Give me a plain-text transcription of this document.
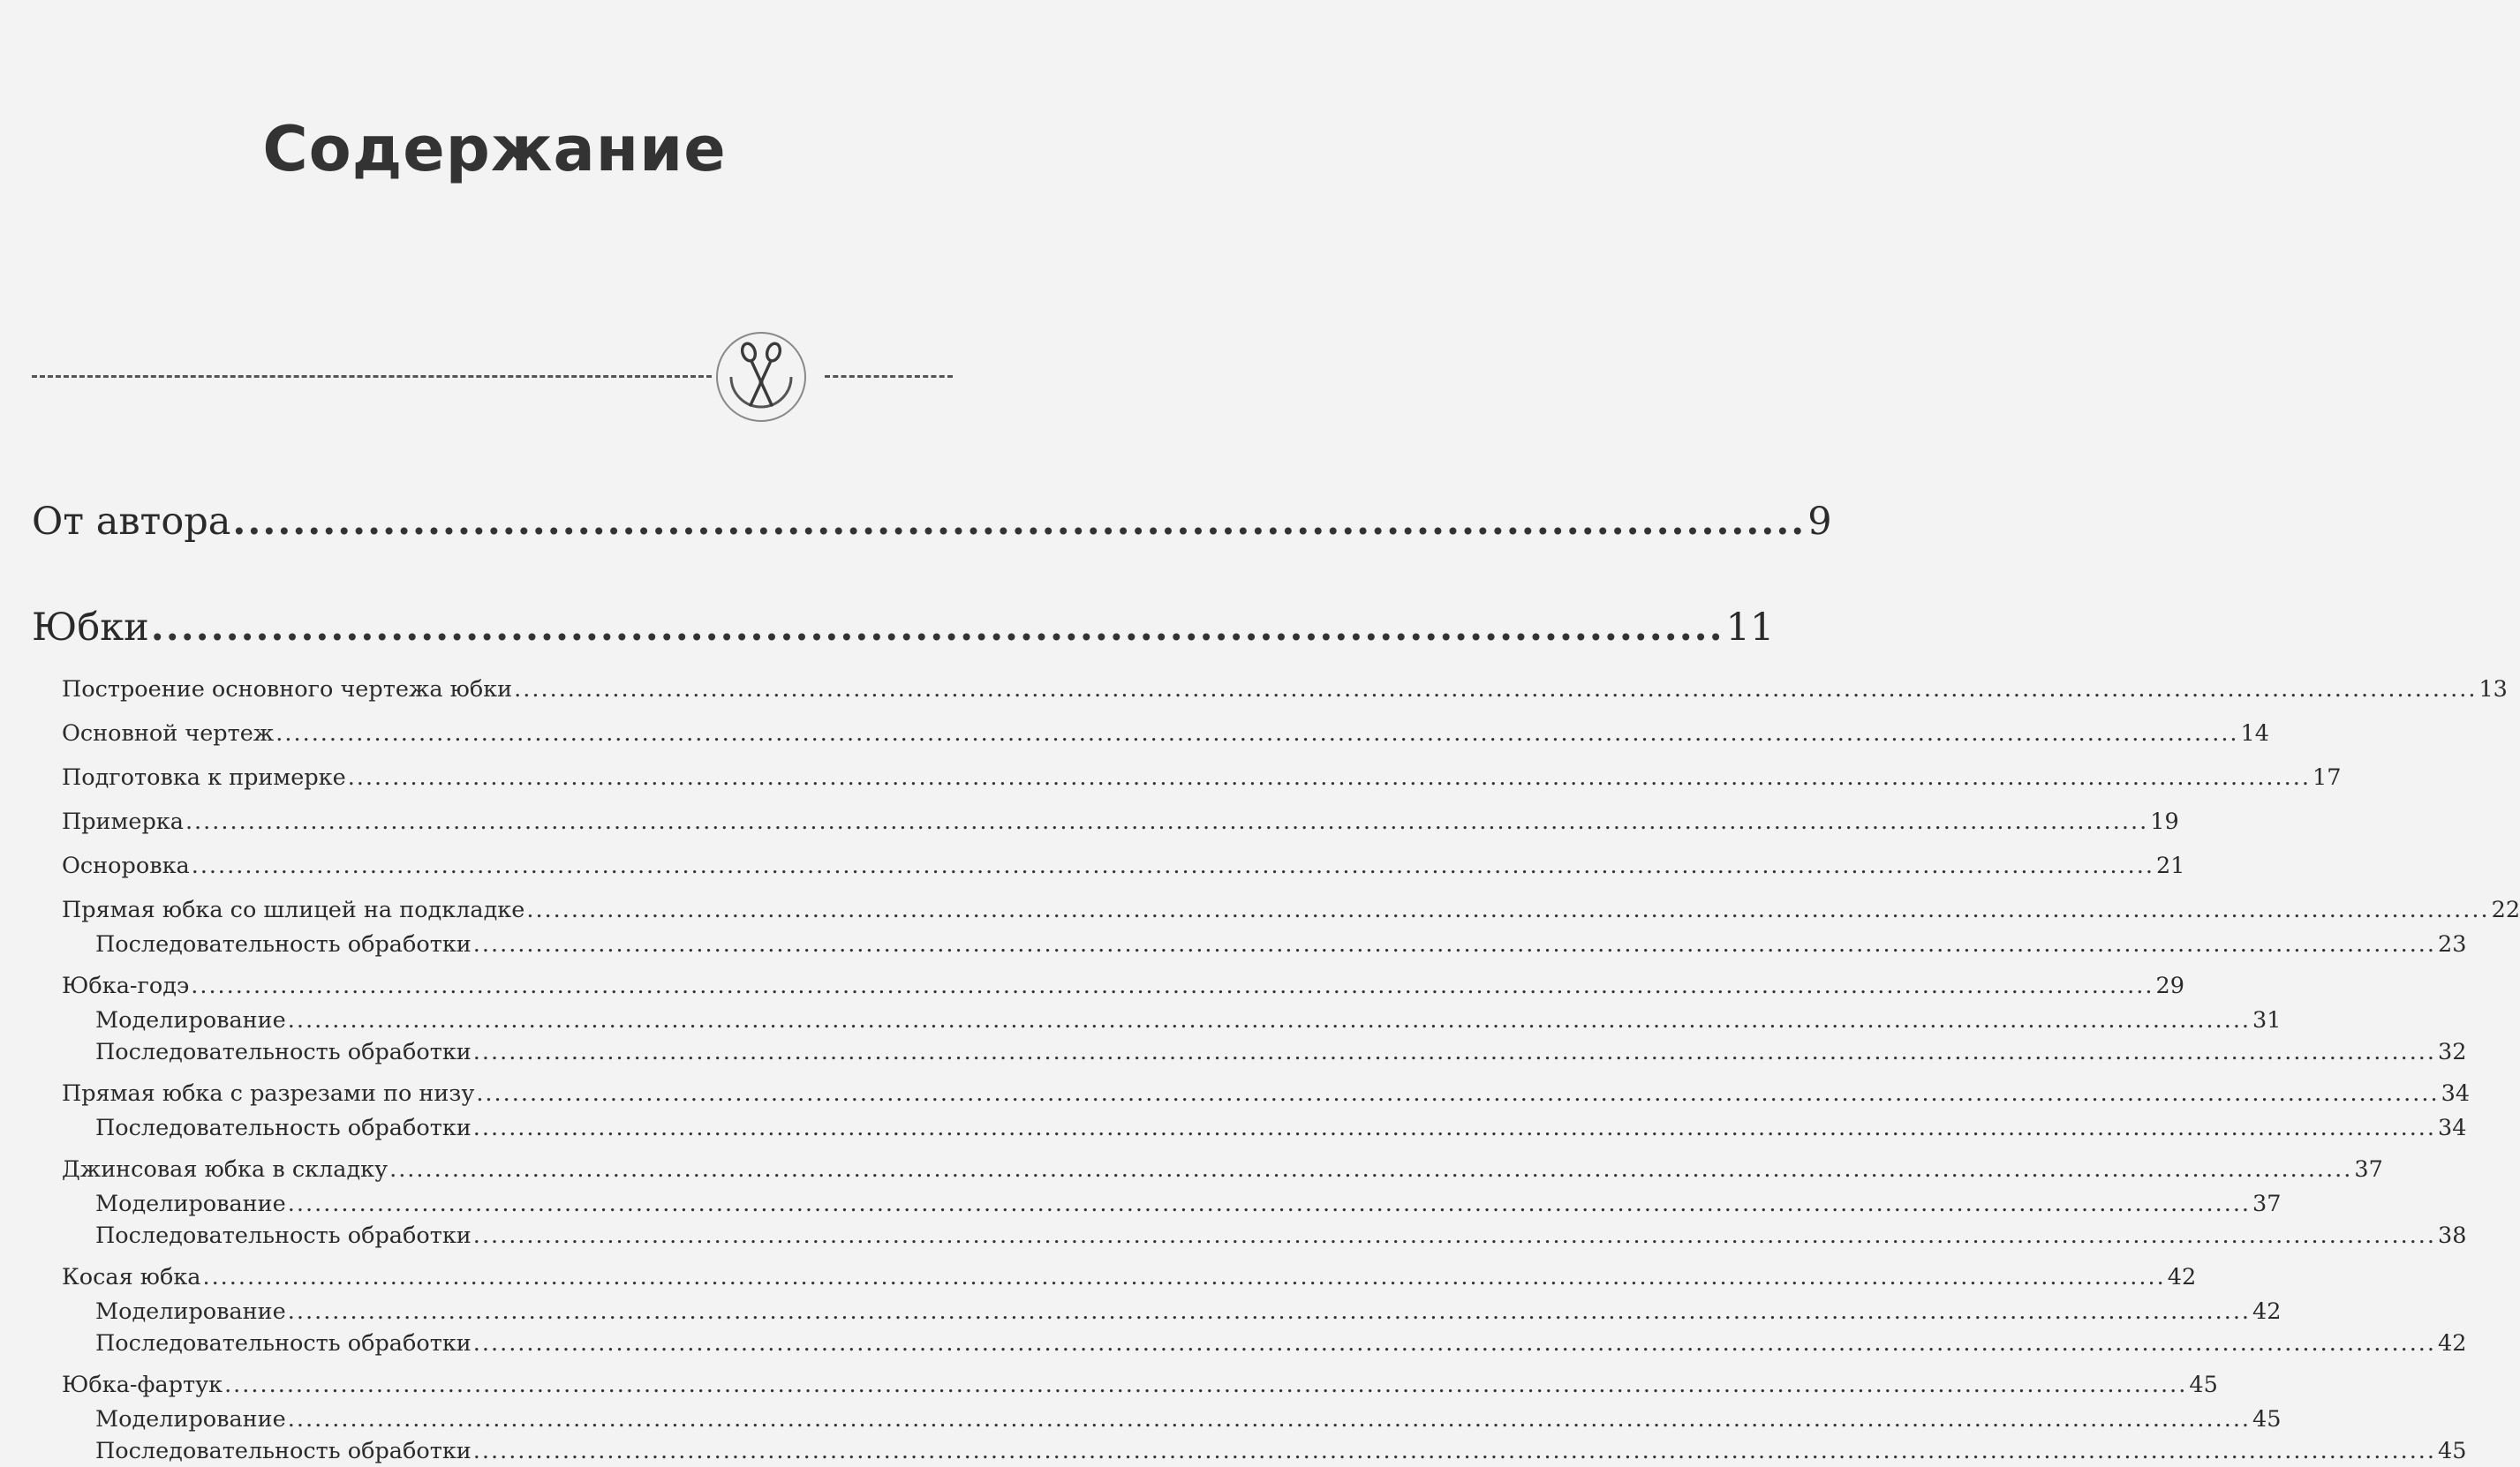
Содержание
От автора ......................................................................................................... 9
Юбки ......................................................................................................... 11
Построение основного чертежа юбки ............................................................................................................................................................................................................................ 13
Основной чертеж ............................................................................................................................................................................................................................ 14
Подготовка к примерке ............................................................................................................................................................................................................................ 17
Примерка ............................................................................................................................................................................................................................ 19
Оснорoвка ............................................................................................................................................................................................................................ 21
Прямая юбка со шлицей на подкладке ............................................................................................................................................................................................................................ 22
Последовательность обработки ............................................................................................................................................................................................................................ 23
Юбка-годэ ............................................................................................................................................................................................................................ 29
Моделирование ............................................................................................................................................................................................................................ 31
Последовательность обработки ............................................................................................................................................................................................................................ 32
Прямая юбка с разрезами по низу ............................................................................................................................................................................................................................ 34
Последовательность обработки ............................................................................................................................................................................................................................ 34
Джинсовая юбка в складку ............................................................................................................................................................................................................................ 37
Моделирование ............................................................................................................................................................................................................................ 37
Последовательность обработки ............................................................................................................................................................................................................................ 38
Косая юбка ............................................................................................................................................................................................................................ 42
Моделирование ............................................................................................................................................................................................................................ 42
Последовательность обработки ............................................................................................................................................................................................................................ 42
Юбка-фартук ............................................................................................................................................................................................................................ 45
Моделирование ............................................................................................................................................................................................................................ 45
Последовательность обработки ............................................................................................................................................................................................................................ 45
